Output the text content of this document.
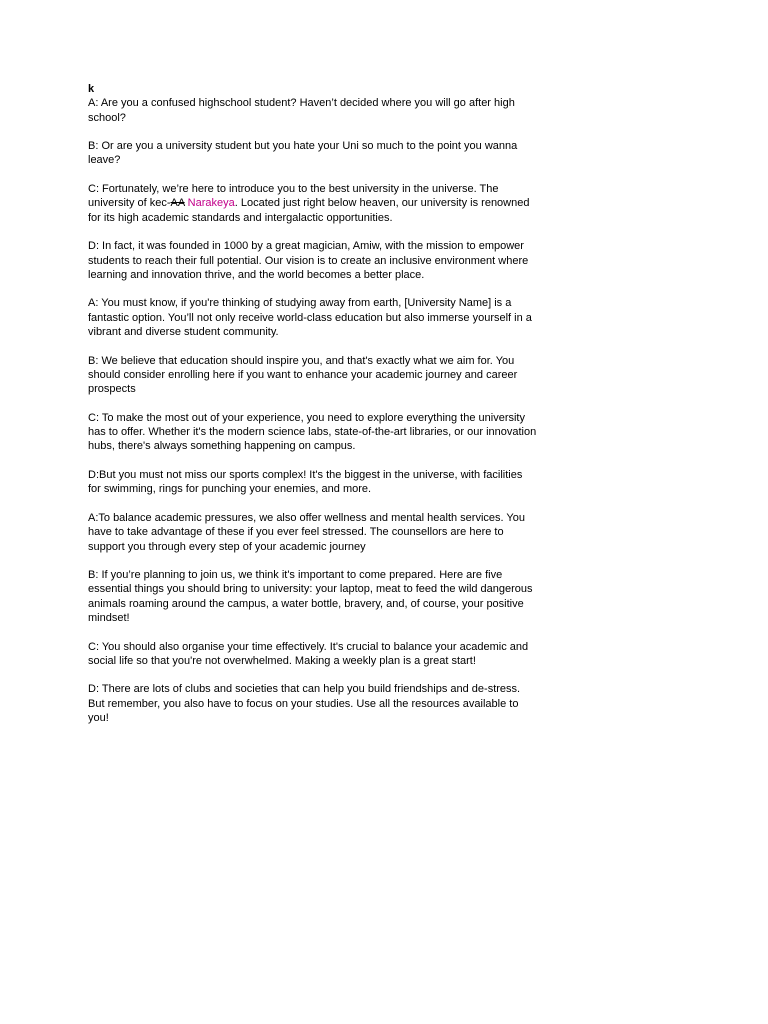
k

A: Are you a confused highschool student? Haven’t decided where you will go after high school?

B: Or are you a university student but you hate your Uni so much to the point you wanna leave?

C: Fortunately, we’re here to introduce you to the best university in the universe. The university of kec-AA Narakeya. Located just right below heaven, our university is renowned for its high academic standards and intergalactic opportunities.

D: In fact, it was founded in 1000 by a great magician, Amiw, with the mission to empower students to reach their full potential. Our vision is to create an inclusive environment where learning and innovation thrive, and the world becomes a better place.

A: You must know, if you're thinking of studying away from earth, [University Name] is a fantastic option. You’ll not only receive world-class education but also immerse yourself in a vibrant and diverse student community.

B: We believe that education should inspire you, and that's exactly what we aim for. You should consider enrolling here if you want to enhance your academic journey and career prospects

C: To make the most out of your experience, you need to explore everything the university has to offer. Whether it's the modern science labs, state-of-the-art libraries, or our innovation hubs, there's always something happening on campus.

D:But you must not miss our sports complex! It's the biggest in the universe, with facilities for swimming, rings for punching your enemies, and more.

A:To balance academic pressures, we also offer wellness and mental health services. You have to take advantage of these if you ever feel stressed. The counsellors are here to support you through every step of your academic journey

B: If you’re planning to join us, we think it's important to come prepared. Here are five essential things you should bring to university: your laptop, meat to feed the wild dangerous animals roaming around the campus, a water bottle, bravery, and, of course, your positive mindset!

C: You should also organise your time effectively. It's crucial to balance your academic and social life so that you're not overwhelmed. Making a weekly plan is a great start!

D: There are lots of clubs and societies that can help you build friendships and de-stress. But remember, you also have to focus on your studies. Use all the resources available to you!
